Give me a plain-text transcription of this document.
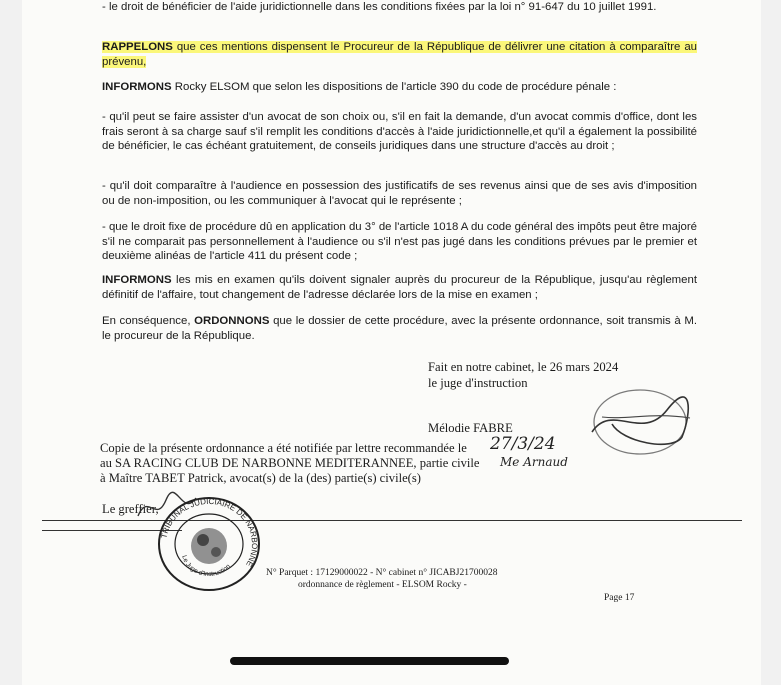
- le droit de bénéficier de l'aide juridictionnelle dans les conditions fixées par la loi n° 91-647 du 10 juillet 1991.
RAPPELONS que ces mentions dispensent le Procureur de la République de délivrer une citation à comparaître au prévenu,
INFORMONS Rocky ELSOM que selon les dispositions de l'article 390 du code de procédure pénale :
- qu'il peut se faire assister d'un avocat de son choix ou, s'il en fait la demande, d'un avocat commis d'office, dont les frais seront à sa charge sauf s'il remplit les conditions d'accès à l'aide juridictionnelle,et qu'il a également la possibilité de bénéficier, le cas échéant gratuitement, de conseils juridiques dans une structure d'accès au droit ;
- qu'il doit comparaître à l'audience en possession des justificatifs de ses revenus ainsi que de ses avis d'imposition ou de non-imposition, ou les communiquer à l'avocat qui le représente ;
- que le droit fixe de procédure dû en application du 3° de l'article 1018 A du code général des impôts peut être majoré s'il ne comparait pas personnellement à l'audience ou s'il n'est pas jugé dans les conditions prévues par le premier et deuxième alinéas de l'article 411 du présent code ;
INFORMONS les mis en examen qu'ils doivent signaler auprès du procureur de la République, jusqu'au règlement définitif de l'affaire, tout changement de l'adresse déclarée lors de la mise en examen ;
En conséquence, ORDONNONS que le dossier de cette procédure, avec la présente ordonnance, soit transmis à M. le procureur de la République.
Fait en notre cabinet, le 26 mars 2024
le juge d'instruction
Mélodie FABRE
Copie de la présente ordonnance a été notifiée par lettre recommandée le 27/3/24
au SA RACING CLUB DE NARBONNE MEDITERANNEE, partie civile Me Arnaud
à Maître TABET Patrick, avocat(s) de la (des) partie(s) civile(s)
Le greffier,
TRIBUNAL JUDICIAIRE DE NARBONNE
Le Juge d'Instruction
N° Parquet : 17129000022 - N° cabinet n° JICABJ21700028
ordonnance de règlement - ELSOM Rocky -
Page 17
